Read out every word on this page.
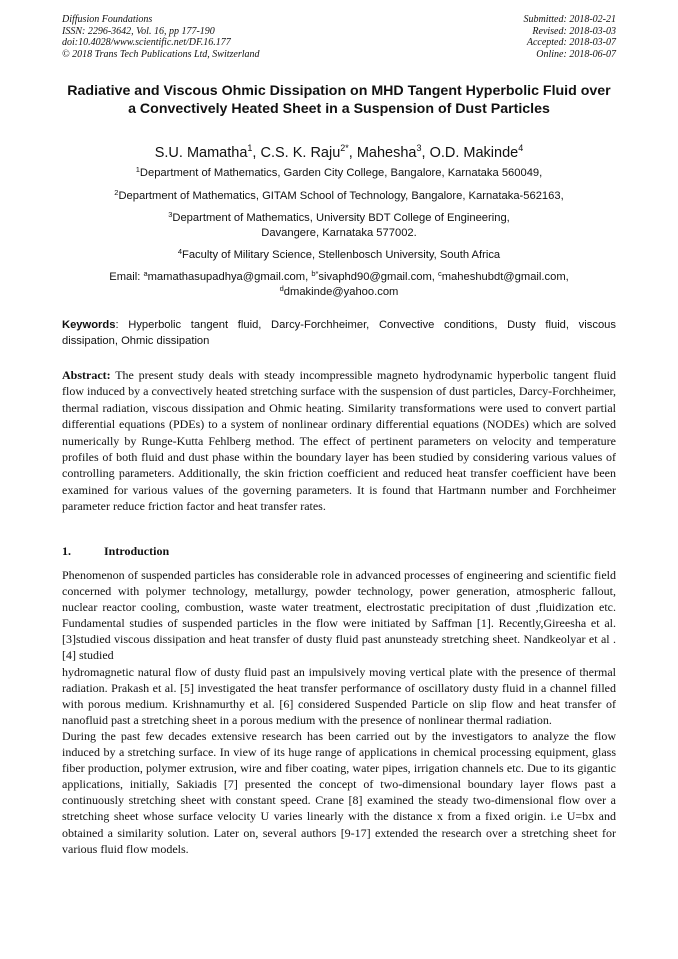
Diffusion Foundations
ISSN: 2296-3642, Vol. 16, pp 177-190
doi:10.4028/www.scientific.net/DF.16.177
© 2018 Trans Tech Publications Ltd, Switzerland
Submitted: 2018-02-21
Revised: 2018-03-03
Accepted: 2018-03-07
Online: 2018-06-07
Radiative and Viscous Ohmic Dissipation on MHD Tangent Hyperbolic Fluid over a Convectively Heated Sheet in a Suspension of Dust Particles
S.U. Mamatha$^1$, C.S. K. Raju$^{2*}$, Mahesha$^3$, O.D. Makinde$^4$
$^1$Department of Mathematics, Garden City College, Bangalore, Karnataka 560049,
$^2$Department of Mathematics, GITAM School of Technology, Bangalore, Karnataka-562163,
$^3$Department of Mathematics, University BDT College of Engineering,
Davangere, Karnataka 577002.
$^4$Faculty of Military Science, Stellenbosch University, South Africa
Email: $^a$mamathasupadhya@gmail.com, $^{b*}$sivaphd90@gmail.com, $^c$maheshubdt@gmail.com,
$^d$dmakinde@yahoo.com
Keywords: Hyperbolic tangent fluid, Darcy-Forchheimer, Convective conditions, Dusty fluid, viscous dissipation, Ohmic dissipation
Abstract: The present study deals with steady incompressible magneto hydrodynamic hyperbolic tangent fluid flow induced by a convectively heated stretching surface with the suspension of dust particles, Darcy-Forchheimer, thermal radiation, viscous dissipation and Ohmic heating. Similarity transformations were used to convert partial differential equations (PDEs) to a system of nonlinear ordinary differential equations (NODEs) which are solved numerically by Runge-Kutta Fehlberg method. The effect of pertinent parameters on velocity and temperature profiles of both fluid and dust phase within the boundary layer has been studied by considering various values of controlling parameters. Additionally, the skin friction coefficient and reduced heat transfer coefficient have been examined for various values of the governing parameters. It is found that Hartmann number and Forchheimer parameter reduce friction factor and heat transfer rates.
1.	Introduction

Phenomenon of suspended particles has considerable role in advanced processes of engineering and scientific field concerned with polymer technology, metallurgy, powder technology, power generation, atmospheric fallout, nuclear reactor cooling, combustion, waste water treatment, electrostatic precipitation of dust ,fluidization etc. Fundamental studies of suspended particles in the flow were initiated by Saffman [1]. Recently,Gireesha et al. [3]studied viscous dissipation and heat transfer of dusty fluid past anunsteady stretching sheet. Nandkeolyar et al .[4] studied

hydromagnetic natural flow of dusty fluid past an impulsively moving vertical plate with the presence of thermal radiation. Prakash et al. [5] investigated the heat transfer performance of oscillatory dusty fluid in a channel filled with porous medium. Krishnamurthy et al. [6] considered Suspended Particle on slip flow and heat transfer of nanofluid past a stretching sheet in a porous medium with the presence of nonlinear thermal radiation.

During the past few decades extensive research has been carried out by the investigators to analyze the flow induced by a stretching surface. In view of its huge range of applications in chemical processing equipment, glass fiber production, polymer extrusion, wire and fiber coating, water pipes, irrigation channels etc. Due to its gigantic applications, initially, Sakiadis [7] presented the concept of two-dimensional boundary layer flows past a continuously stretching sheet with constant speed. Crane [8] examined the steady two-dimensional flow over a stretching sheet whose surface velocity U varies linearly with the distance x from a fixed origin. i.e U=bx and obtained a similarity solution. Later on, several authors [9-17] extended the research over a stretching sheet for various fluid flow models.
